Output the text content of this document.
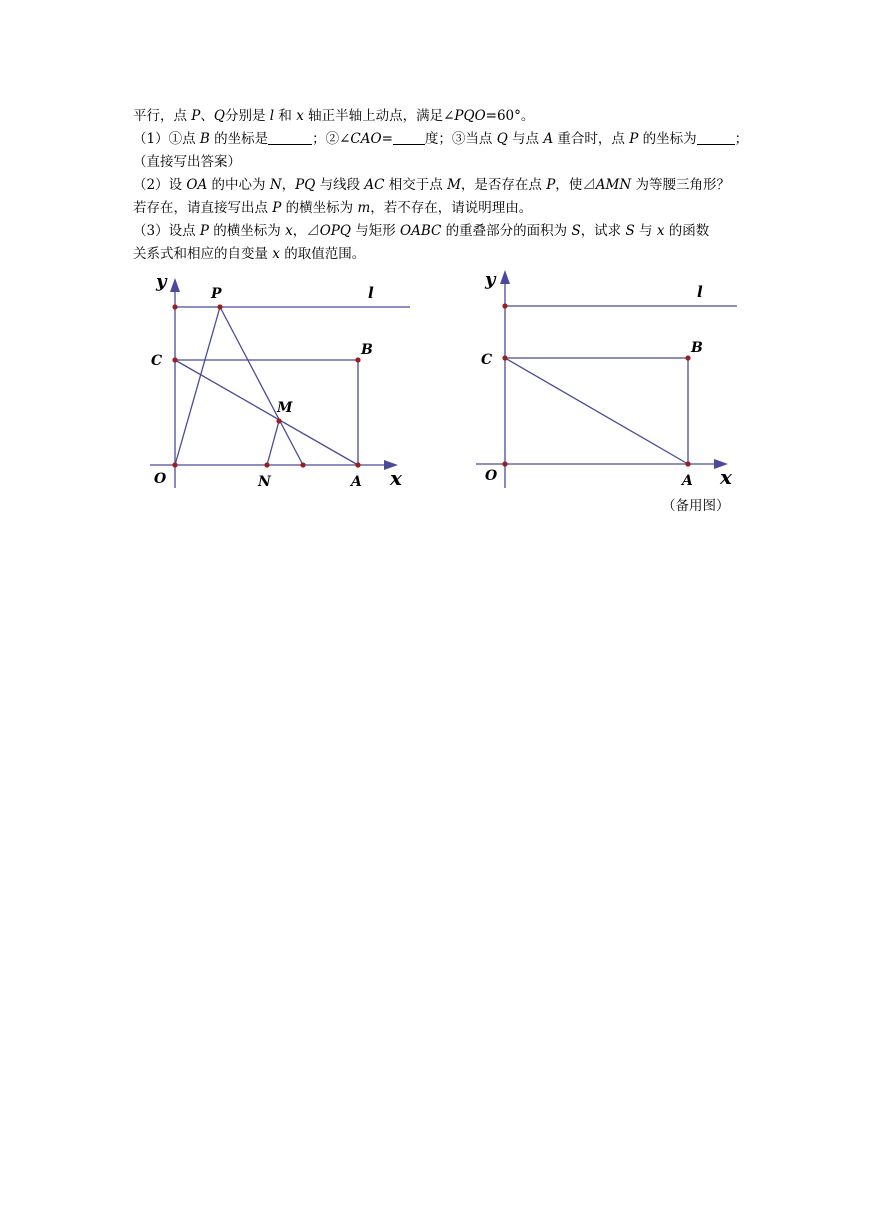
平行，点 P、Q分别是 l 和 x 轴正半轴上动点，满足∠PQO=60°。
（1）①点 B 的坐标是	；②∠CAO= 度；③当点 Q 与点 A 重合时，点 P 的坐标为	；
（直接写出答案）
（2）设 OA 的中心为 N，PQ 与线段 AC 相交于点 M，是否存在点 P，使⊿AMN 为等腰三角形？
若存在，请直接写出点 P 的横坐标为 m，若不存在，请说明理由。
（3）设点 P 的横坐标为 x，⊿OPQ 与矩形 OABC 的重叠部分的面积为 S，试求 S 与 x 的函数
关系式和相应的自变量 x 的取值范围。
y
x
P	l
C
B
M
O	N	A
y
x
l
C
B
O	A
（备用图）
